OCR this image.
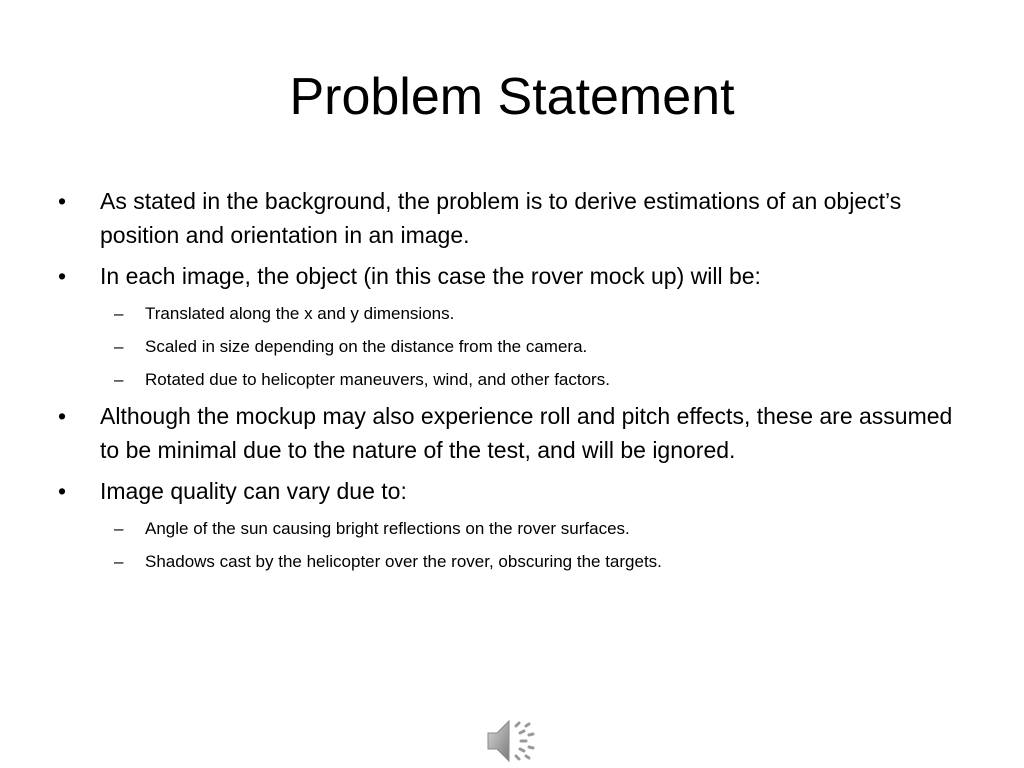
Problem Statement
•	As stated in the background, the problem is to derive estimations of an object’s position and orientation in an image.
•	In each image, the object (in this case the rover mock up) will be:
–	Translated along the x and y dimensions.
–	Scaled in size depending on the distance from the camera.
–	Rotated due to helicopter maneuvers, wind, and other factors.
•	Although the mockup may also experience roll and pitch effects, these are assumed to be minimal due to the nature of the test, and will be ignored.
•	Image quality can vary due to:
–	Angle of the sun causing bright reflections on the rover surfaces.
–	Shadows cast by the helicopter over the rover, obscuring the targets.
